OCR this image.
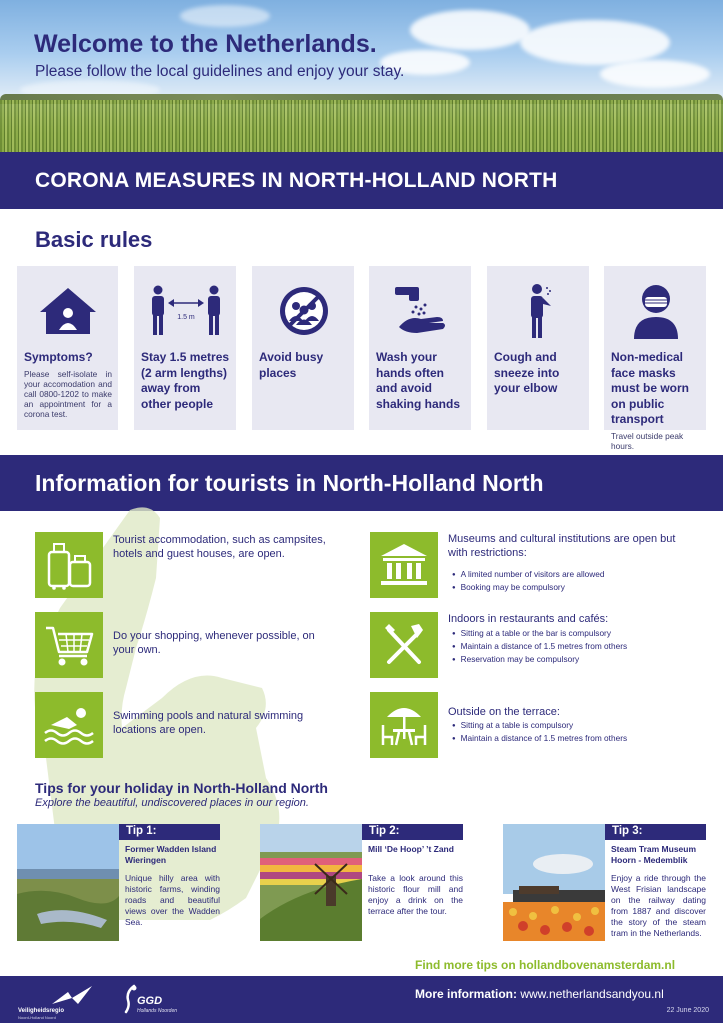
Welcome to the Netherlands.

Please follow the local guidelines and enjoy your stay.

CORONA MEASURES IN NORTH-HOLLAND NORTH
Basic rules
Symptoms?
Please self-isolate in your accomodation and call 0800-1202 to make an appointment for a corona test.
1.5 m
Stay 1.5 metres (2 arm lengths) away from other people
Avoid busy places
Wash your hands often and avoid shaking hands
Cough and sneeze into your elbow
Non-medical face masks must be worn on public transport
Travel outside peak hours.
Information for tourists in North-Holland North
Tourist accommodation, such as campsites, hotels and guest houses, are open.
Do your shopping, whenever possible, on your own.
Swimming pools and natural swimming locations are open.
Museums and cultural institutions are open but with restrictions:
● A limited number of visitors are allowed
● Booking may be compulsory
Indoors in restaurants and cafés:
● Sitting at a table or the bar is compulsory
● Maintain a distance of 1.5 metres from others
● Reservation may be compulsory
Outside on the terrace:
● Sitting at a table is compulsory
● Maintain a distance of 1.5 metres from others
Tips for your holiday in North-Holland North
Explore the beautiful, undiscovered places in our region.
Tip 1:
Former Wadden Island Wieringen
Unique hilly area with historic farms, winding roads and beautiful views over the Wadden Sea.
Tip 2:
Mill ‘De Hoop’ ’t Zand
Take a look around this historic flour mill and enjoy a drink on the terrace after the tour.
Tip 3:
Steam Tram Museum Hoorn - Medemblik
Enjoy a ride through the West Frisian landscape on the railway dating from 1887 and discover the story of the steam tram in the Netherlands.
Find more tips on hollandbovenamsterdam.nl
Veiligheidsregio
Noord-Holland Noord
GGD
Hollands Noorden
More information: www.netherlandsandyou.nl
22 June 2020
